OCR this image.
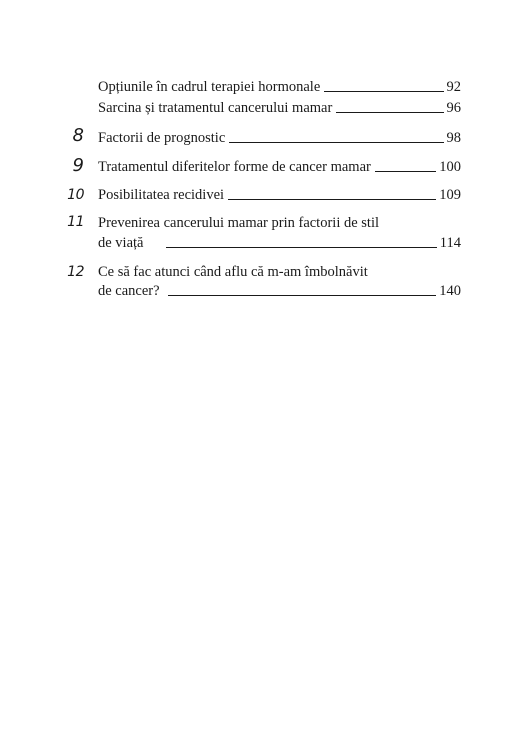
Opțiunile în cadrul terapiei hormonale	92
Sarcina și tratamentul cancerului mamar	96
8 Factorii de prognostic	98
9 Tratamentul diferitelor forme de cancer mamar	100
10 Posibilitatea recidivei	109
11 Prevenirea cancerului mamar prin factorii de stil
de viață	114
12 Ce să fac atunci când aflu că m-am îmbolnăvit
de cancer?	140
